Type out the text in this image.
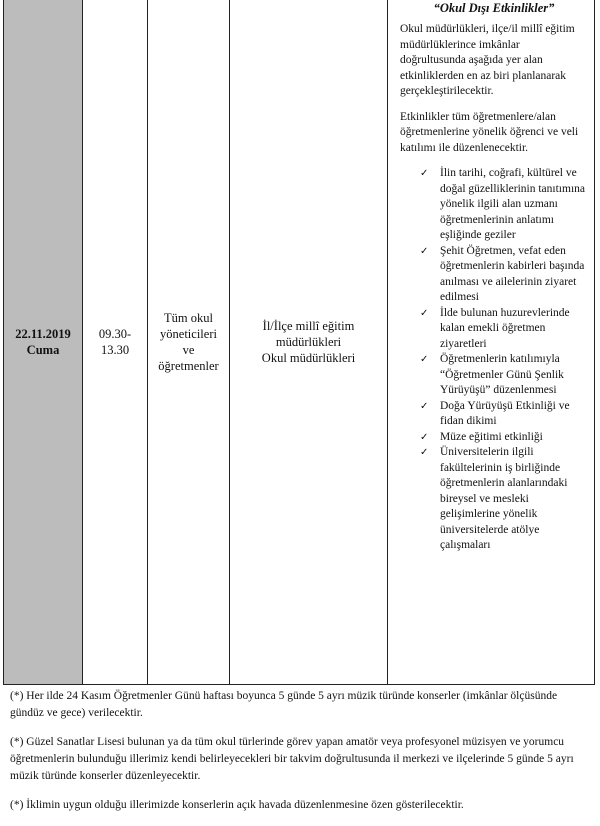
22.11.2019
Cuma
09.30-
13.30
Tüm okul
yöneticileri
ve
öğretmenler
İl/İlçe millî eğitim
müdürlükleri
Okul müdürlükleri
“Okul Dışı Etkinlikler”

Okul müdürlükleri, ilçe/il millî eğitim müdürlüklerince imkânlar doğrultusunda aşağıda yer alan etkinliklerden en az biri planlanarak gerçekleştirilecektir.

Etkinlikler tüm öğretmenlere/alan öğretmenlerine yönelik öğrenci ve veli katılımı ile düzenlenecektir.

✓ İlin tarihi, coğrafi, kültürel ve doğal güzelliklerinin tanıtımına yönelik ilgili alan uzmanı öğretmenlerinin anlatımı eşliğinde geziler
✓ Şehit Öğretmen, vefat eden öğretmenlerin kabirleri başında anılması ve ailelerinin ziyaret edilmesi
✓ İlde bulunan huzurevlerinde kalan emekli öğretmen ziyaretleri
✓ Öğretmenlerin katılımıyla “Öğretmenler Günü Şenlik Yürüyüşü” düzenlenmesi
✓ Doğa Yürüyüşü Etkinliği ve fidan dikimi
✓ Müze eğitimi etkinliği
✓ Üniversitelerin ilgili fakültelerinin iş birliğinde öğretmenlerin alanlarındaki bireysel ve mesleki gelişimlerine yönelik üniversitelerde atölye çalışmaları

(*) Her ilde 24 Kasım Öğretmenler Günü haftası boyunca 5 günde 5 ayrı müzik türünde konserler (imkânlar ölçüsünde gündüz ve gece) verilecektir.

(*) Güzel Sanatlar Lisesi bulunan ya da tüm okul türlerinde görev yapan amatör veya profesyonel müzisyen ve yorumcu öğretmenlerin bulunduğu illerimiz kendi belirleyecekleri bir takvim doğrultusunda il merkezi ve ilçelerinde 5 günde 5 ayrı müzik türünde konserler düzenleyecektir.

(*) İklimin uygun olduğu illerimizde konserlerin açık havada düzenlenmesine özen gösterilecektir.
